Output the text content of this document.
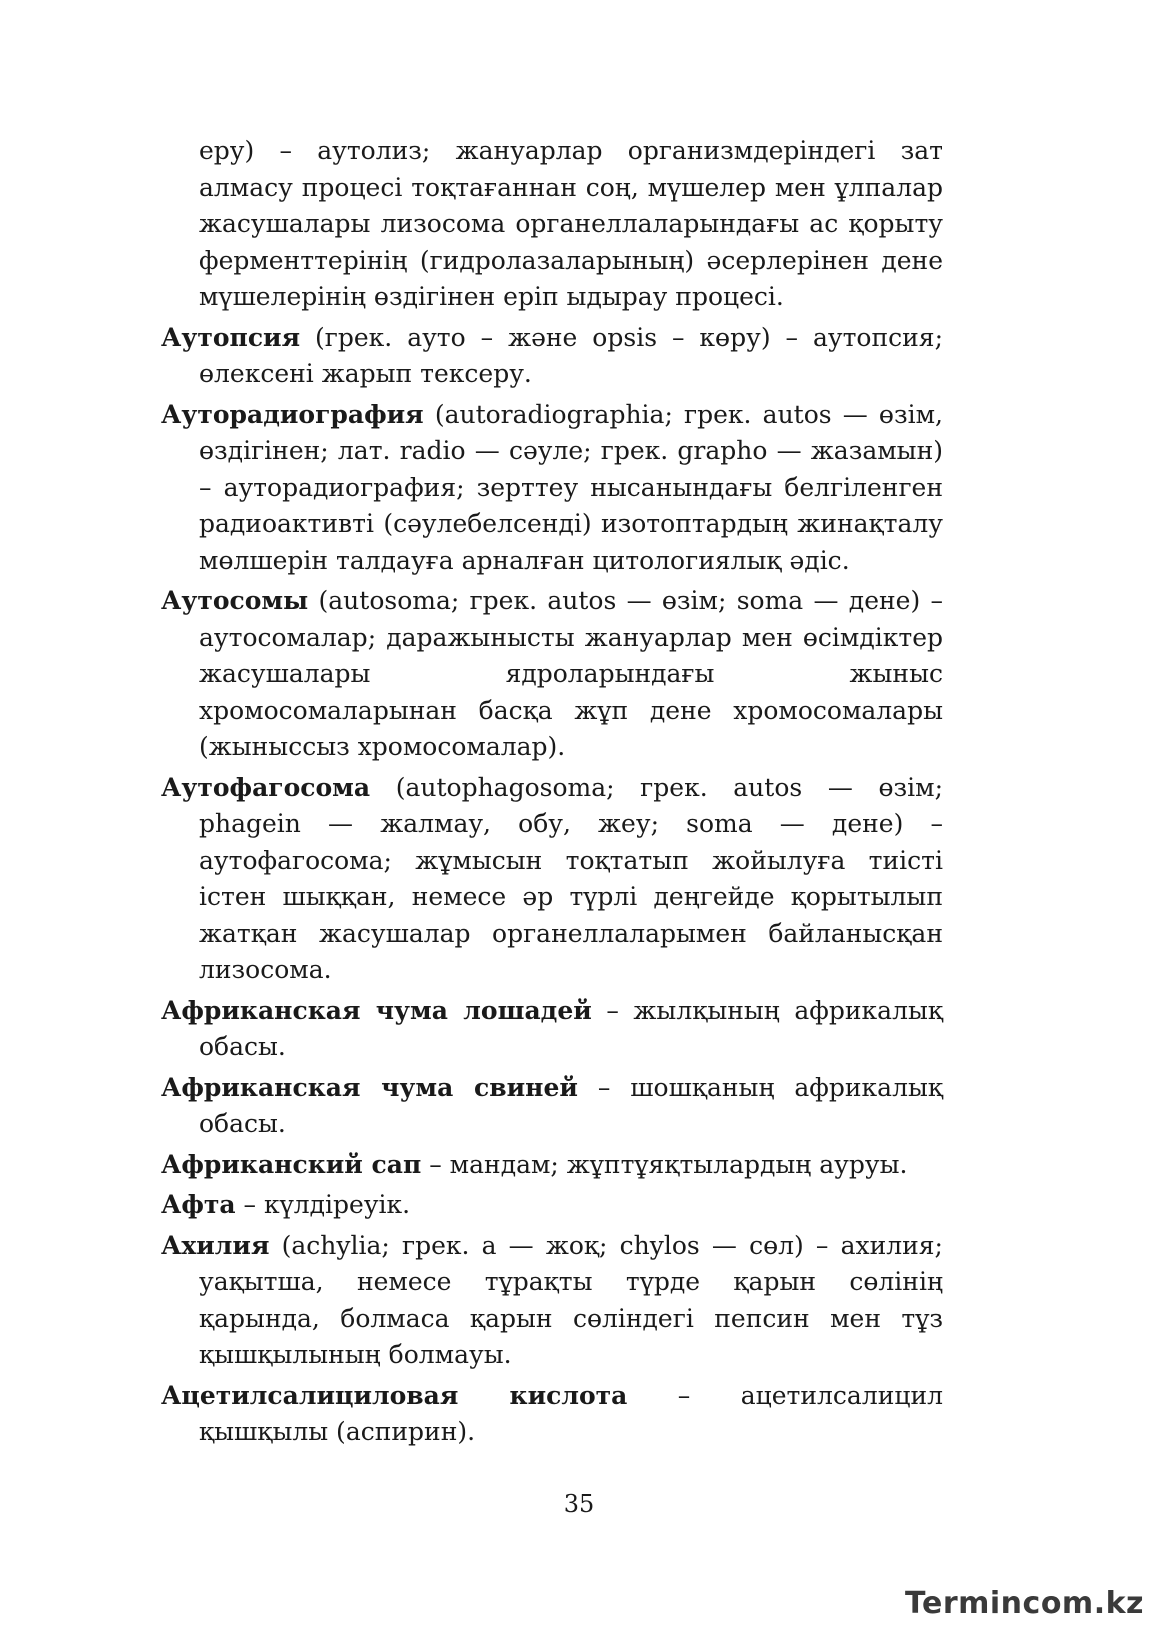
еру) – аутолиз; жануарлар организмдеріндегі зат алмасу процесі тоқтағаннан соң, мүшелер мен ұлпалар жасушалары лизосома органеллаларындағы ас қорыту ферменттерінің (гидролазаларының) әсерлерінен дене мүшелерінің өздігінен еріп ыдырау процесі.

Аутопсия (грек. ауто – және opsis – көру) – аутопсия; өлексені жарып тексеру.

Ауторадиография (autoradiographia; грек. autos — өзім, өздігінен; лат. radio — сәуле; грек. grapho — жазамын) – ауторадиография; зерттеу нысанындағы белгіленген радиоактивті (сәулебелсенді) изотоптардың жинақталу мөлшерін талдауға арналған цитологиялық әдіс.

Аутосомы (autosoma; грек. autos — өзім; soma — дене) – аутосомалар; даражынысты жануарлар мен өсімдіктер жасушалары ядроларындағы жыныс хромосомаларынан басқа жұп дене хромосомалары (жыныссыз хромосомалар).

Аутофагосома (autophagosoma; грек. autos — өзім; phagein — жалмау, обу, жеу; soma — дене) – аутофагосома; жұмысын тоқтатып жойылуға тиісті істен шыққан, немесе әр түрлі деңгейде қорытылып жатқан жасушалар органеллаларымен байланысқан лизосома.

Африканская чума лошадей – жылқының африкалық обасы.

Африканская чума свиней – шошқаның африкалық обасы.

Африканский сап – мандам; жұптұяқтылардың ауруы.

Афта – күлдіреуік.

Ахилия (achylia; грек. a — жоқ; chylos — сөл) – ахилия; уақытша, немесе тұрақты түрде қарын сөлінің қарында, болмаса қарын сөліндегі пепсин мен тұз қышқылының болмауы.

Ацетилсалициловая кислота – ацетилсалицил қышқылы (аспирин).

35
Termincom.kz
